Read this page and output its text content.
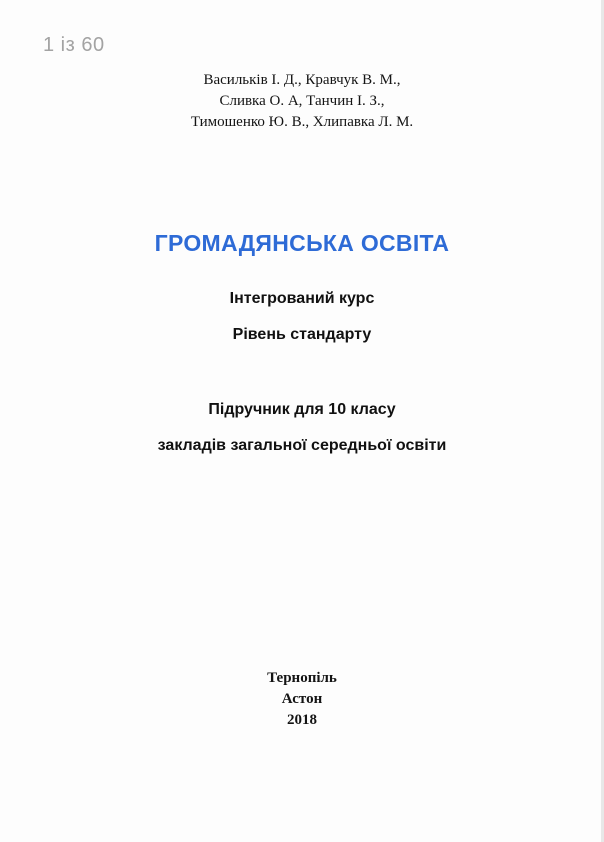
Васильків І. Д., Кравчук В. М.,
Сливка О. А, Танчин І. З.,
Тимошенко Ю. В., Хлипавка Л. М.
ГРОМАДЯНСЬКА ОСВІТА
Інтегрований курс
Рівень стандарту
Підручник для 10 класу
закладів загальної середньої освіти
Тернопіль
Астон
2018
1 із 60
